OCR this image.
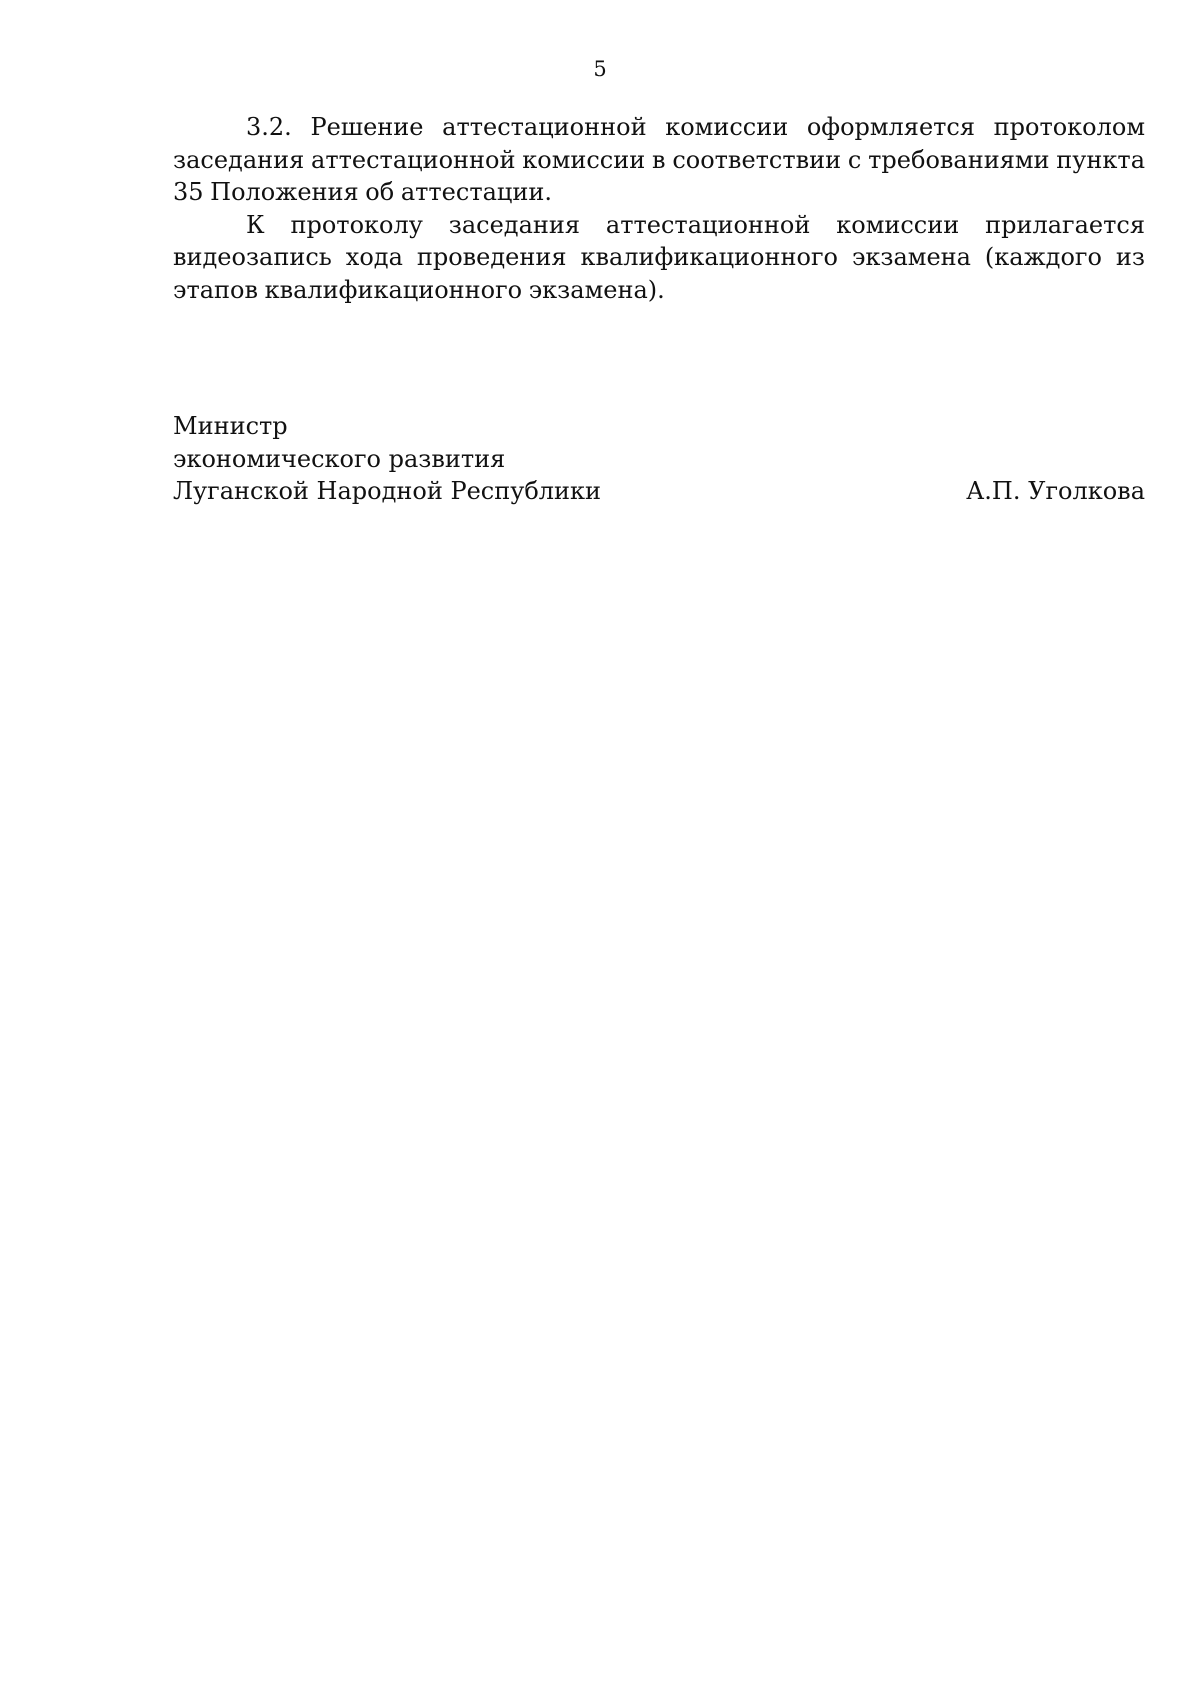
5

3.2. Решение аттестационной комиссии оформляется протоколом заседания аттестационной комиссии в соответствии с требованиями пункта 35 Положения об аттестации.

К протоколу заседания аттестационной комиссии прилагается видеозапись хода проведения квалификационного экзамена (каждого из этапов квалификационного экзамена).

Министр
экономического развития
Луганской Народной Республики	А.П. Уголкова
